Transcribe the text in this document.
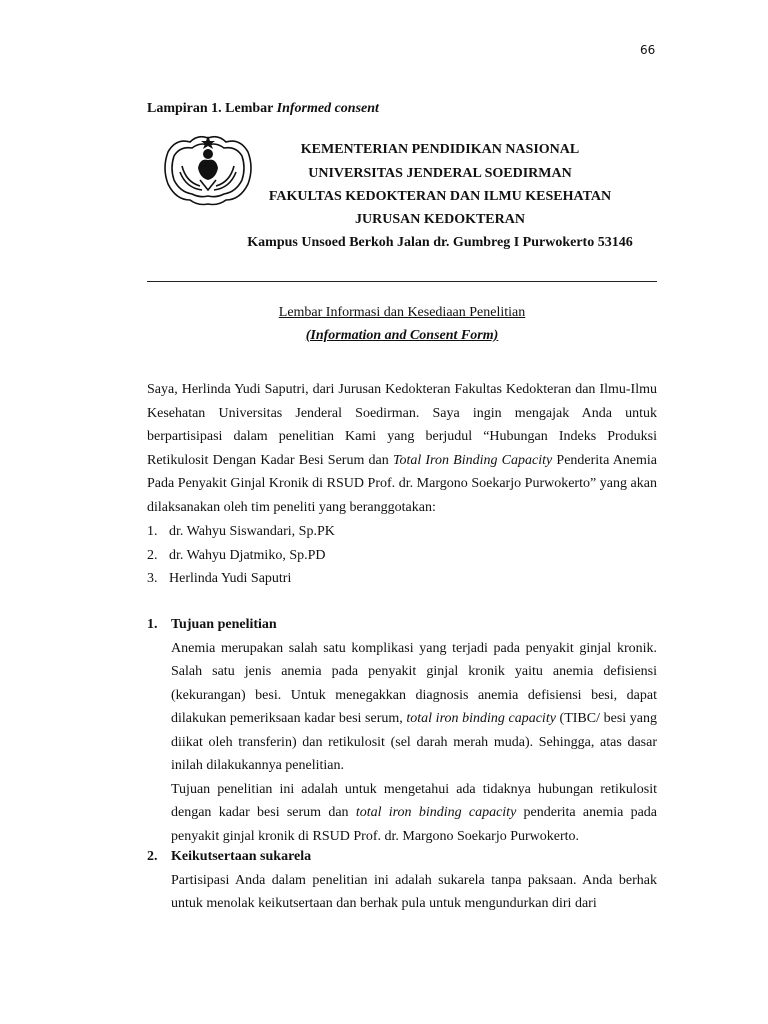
66
Lampiran 1. Lembar Informed consent
KEMENTERIAN PENDIDIKAN NASIONAL
UNIVERSITAS JENDERAL SOEDIRMAN
FAKULTAS KEDOKTERAN DAN ILMU KESEHATAN
JURUSAN KEDOKTERAN
Kampus Unsoed Berkoh Jalan dr. Gumbreg I Purwokerto 53146
Lembar Informasi dan Kesediaan Penelitian
(Information and Consent Form)
Saya, Herlinda Yudi Saputri, dari Jurusan Kedokteran Fakultas Kedokteran dan Ilmu-Ilmu Kesehatan Universitas Jenderal Soedirman. Saya ingin mengajak Anda untuk berpartisipasi dalam penelitian Kami yang berjudul “Hubungan Indeks Produksi Retikulosit Dengan Kadar Besi Serum dan Total Iron Binding Capacity Penderita Anemia Pada Penyakit Ginjal Kronik di RSUD Prof. dr. Margono Soekarjo Purwokerto” yang akan dilaksanakan oleh tim peneliti yang beranggotakan:
1. dr. Wahyu Siswandari, Sp.PK
2. dr. Wahyu Djatmiko, Sp.PD
3. Herlinda Yudi Saputri
1. Tujuan penelitian
Anemia merupakan salah satu komplikasi yang terjadi pada penyakit ginjal kronik. Salah satu jenis anemia pada penyakit ginjal kronik yaitu anemia defisiensi (kekurangan) besi. Untuk menegakkan diagnosis anemia defisiensi besi, dapat dilakukan pemeriksaan kadar besi serum, total iron binding capacity (TIBC/ besi yang diikat oleh transferin) dan retikulosit (sel darah merah muda). Sehingga, atas dasar inilah dilakukannya penelitian.
Tujuan penelitian ini adalah untuk mengetahui ada tidaknya hubungan retikulosit dengan kadar besi serum dan total iron binding capacity penderita anemia pada penyakit ginjal kronik di RSUD Prof. dr. Margono Soekarjo Purwokerto.
2. Keikutsertaan sukarela
Partisipasi Anda dalam penelitian ini adalah sukarela tanpa paksaan. Anda berhak untuk menolak keikutsertaan dan berhak pula untuk mengundurkan diri dari
